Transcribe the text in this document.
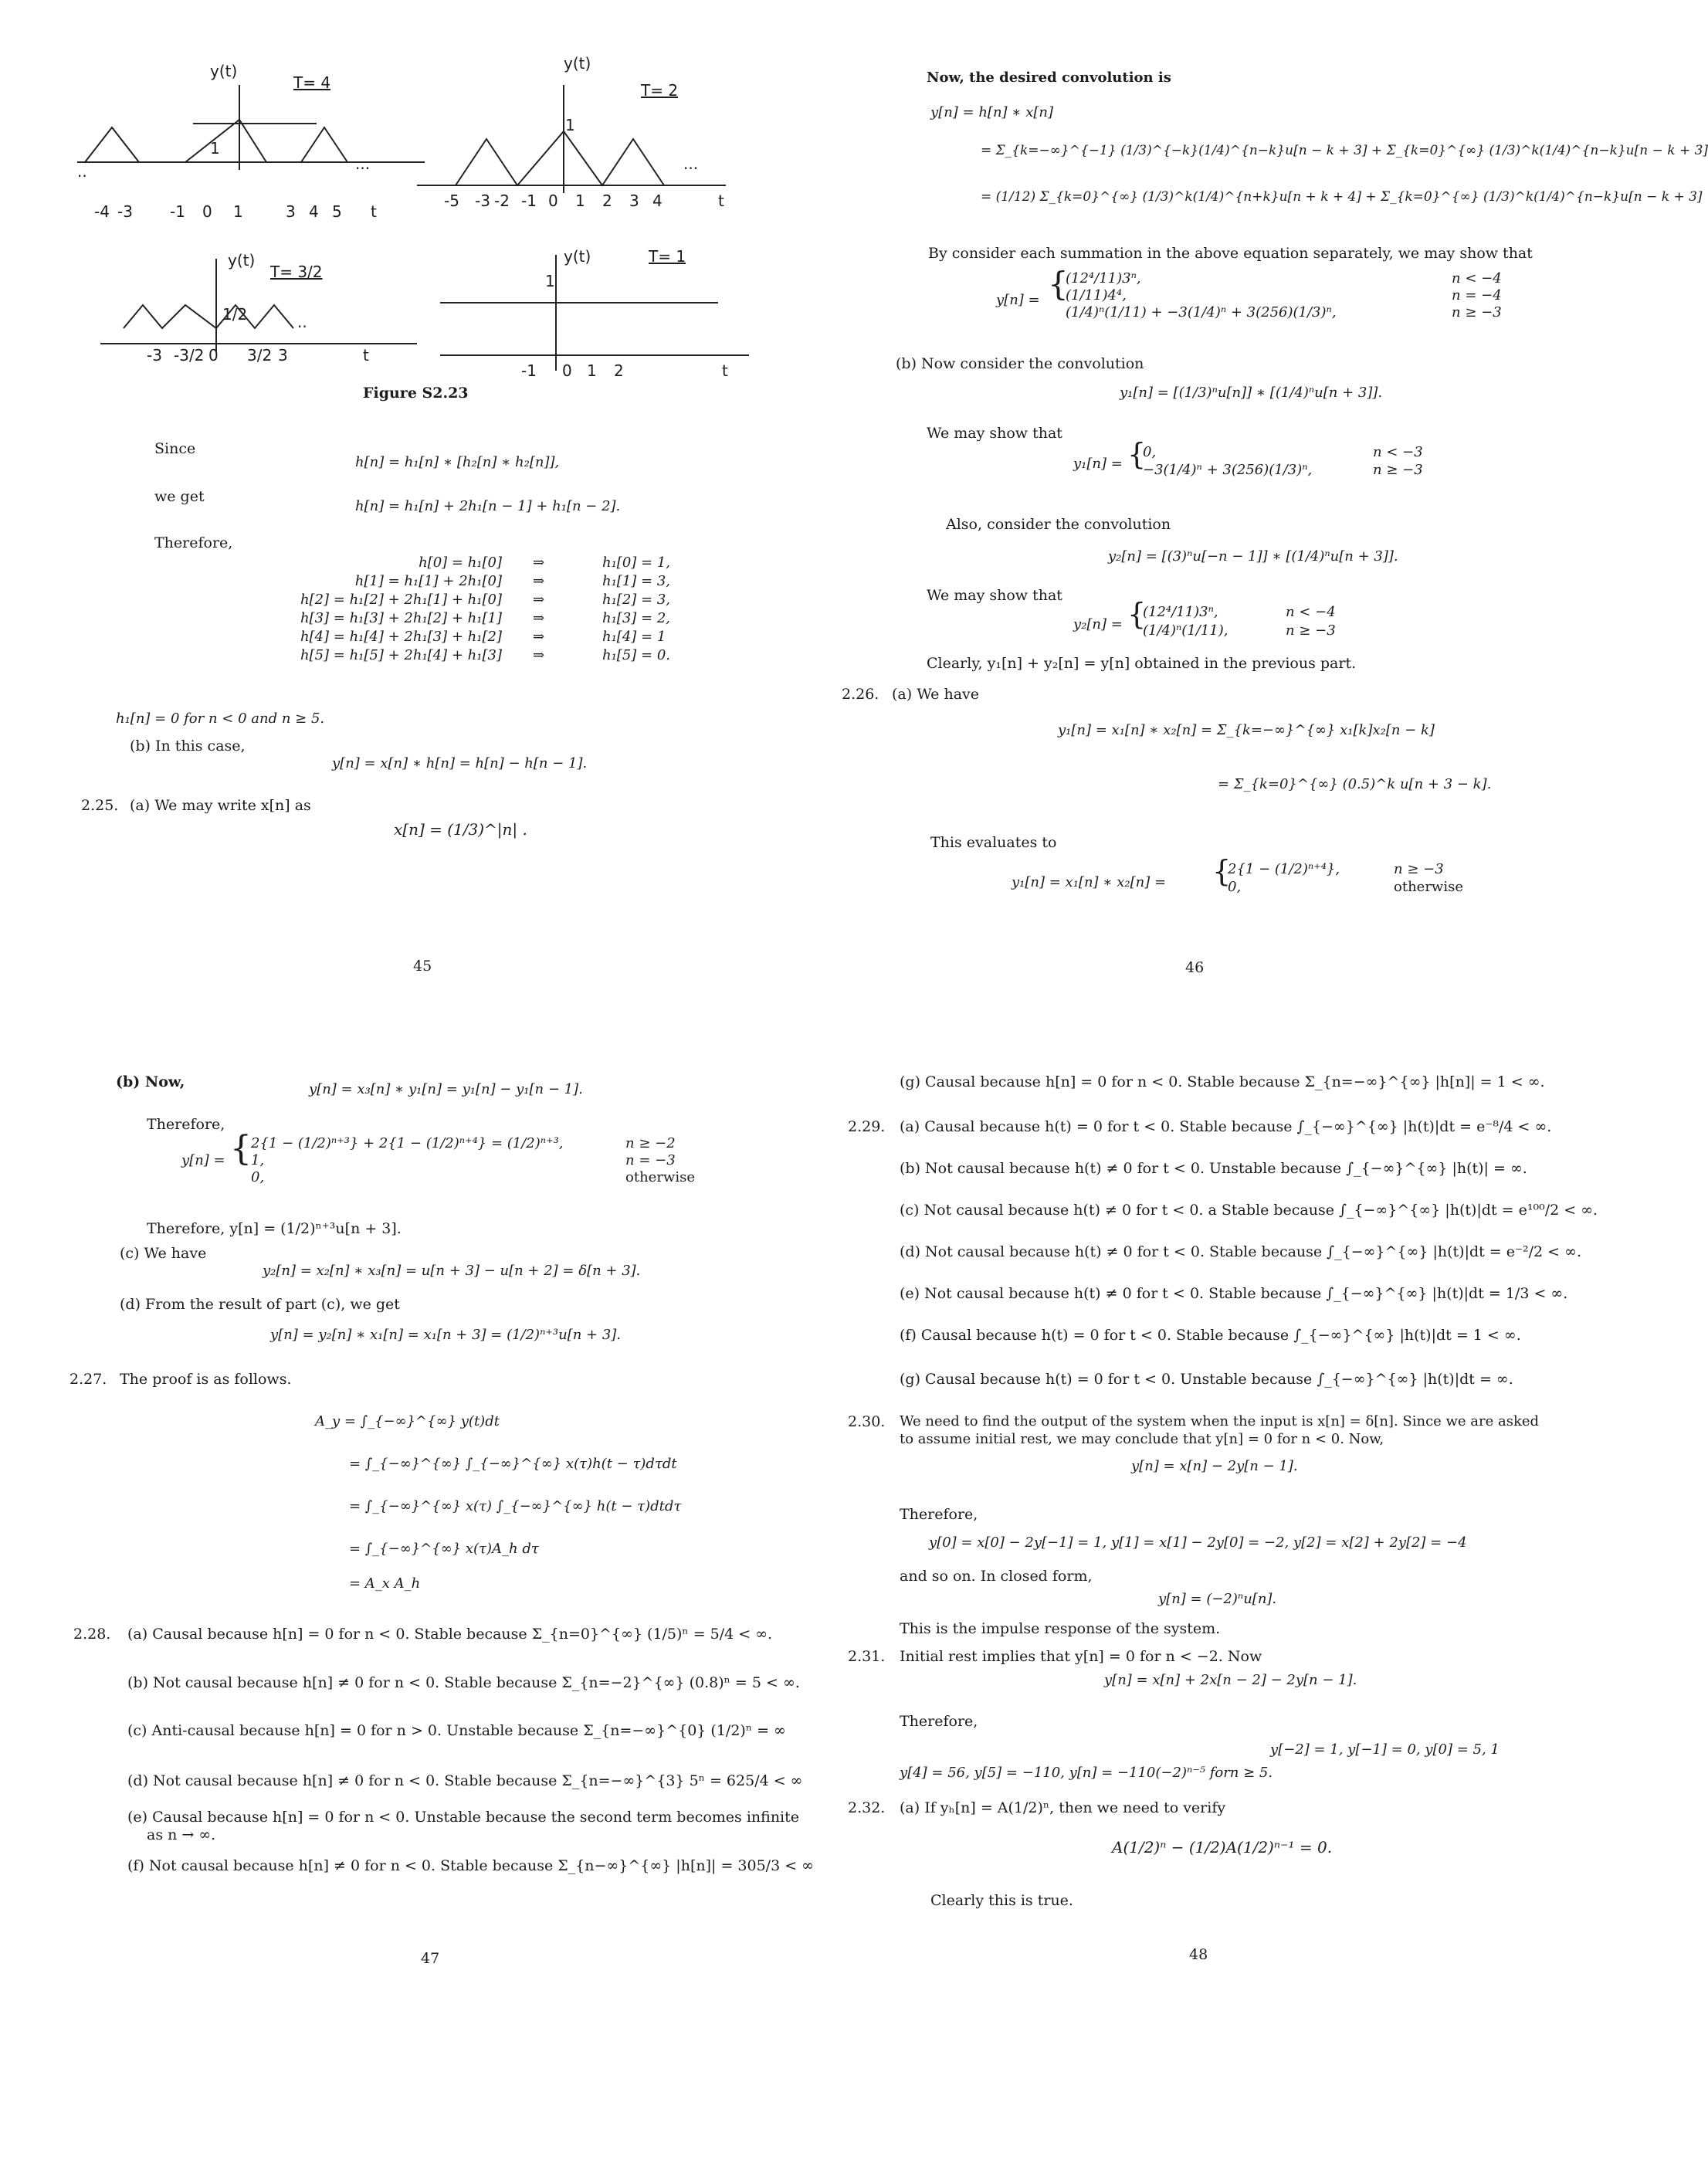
y(t)
T= 4
1
...
..
-4 -3 -1 0 1	3 4 5 t
y(t)
T= 2
1
...
-5 -3 -2 -1 0 1 2 3 4	t
y(t)
T= 3/2
1/2	..
-3 -3/2 0 3/2 3	t
y(t)	T= 1
1
-1 0 1 2	t
Figure S2.23
Since
h[n] = h₁[n] ∗ [h₂[n] ∗ h₂[n]],
we get
h[n] = h₁[n] + 2h₁[n − 1] + h₁[n − 2].
Therefore,
h[0] = h₁[0] ⇒	h₁[0] = 1,
h[1] = h₁[1] + 2h₁[0] ⇒	h₁[1] = 3,
h[2] = h₁[2] + 2h₁[1] + h₁[0] ⇒	h₁[2] = 3,
h[3] = h₁[3] + 2h₁[2] + h₁[1] ⇒	h₁[3] = 2,
h[4] = h₁[4] + 2h₁[3] + h₁[2] ⇒	h₁[4] = 1
h[5] = h₁[5] + 2h₁[4] + h₁[3] ⇒	h₁[5] = 0.
h₁[n] = 0 for n < 0 and n ≥ 5.
(b) In this case,
y[n] = x[n] ∗ h[n] = h[n] − h[n − 1].
2.25. (a) We may write x[n] as
x[n] = (1/3)^|n| .
45
Now, the desired convolution is
y[n] = h[n] ∗ x[n]
= Σ_{k=−∞}^{−1} (1/3)^{−k}(1/4)^{n−k}u[n − k + 3] + Σ_{k=0}^{∞} (1/3)^k(1/4)^{n−k}u[n − k + 3]
= (1/12) Σ_{k=0}^{∞} (1/3)^k(1/4)^{n+k}u[n + k + 4] + Σ_{k=0}^{∞} (1/3)^k(1/4)^{n−k}u[n − k + 3]
By consider each summation in the above equation separately, we may show that
y[n] = {
(12⁴/11)3ⁿ,	n < −4
(1/11)4⁴,	n = −4
(1/4)ⁿ(1/11) + −3(1/4)ⁿ + 3(256)(1/3)ⁿ,	n ≥ −3
(b) Now consider the convolution
y₁[n] = [(1/3)ⁿu[n]] ∗ [(1/4)ⁿu[n + 3]].
We may show that
y₁[n] = {
0,	n < −3
−3(1/4)ⁿ + 3(256)(1/3)ⁿ,	n ≥ −3
Also, consider the convolution
y₂[n] = [(3)ⁿu[−n − 1]] ∗ [(1/4)ⁿu[n + 3]].
We may show that
y₂[n] = {
(12⁴/11)3ⁿ,	n < −4
(1/4)ⁿ(1/11),	n ≥ −3
Clearly, y₁[n] + y₂[n] = y[n] obtained in the previous part.
2.26. (a) We have
y₁[n] = x₁[n] ∗ x₂[n] = Σ_{k=−∞}^{∞} x₁[k]x₂[n − k]
= Σ_{k=0}^{∞} (0.5)^k u[n + 3 − k].
This evaluates to
y₁[n] = x₁[n] ∗ x₂[n] = {
2{1 − (1/2)ⁿ⁺⁴},	n ≥ −3
0,	otherwise
46
(b) Now,	y[n] = x₃[n] ∗ y₁[n] = y₁[n] − y₁[n − 1].
Therefore,
y[n] = { 2{1 − (1/2)ⁿ⁺³} + 2{1 − (1/2)ⁿ⁺⁴} = (1/2)ⁿ⁺³,	n ≥ −2
1,	n = −3
0,	otherwise
Therefore, y[n] = (1/2)ⁿ⁺³u[n + 3].
(c) We have
y₂[n] = x₂[n] ∗ x₃[n] = u[n + 3] − u[n + 2] = δ[n + 3].
(d) From the result of part (c), we get
y[n] = y₂[n] ∗ x₁[n] = x₁[n + 3] = (1/2)ⁿ⁺³u[n + 3].
2.27. The proof is as follows.
A_y = ∫_{−∞}^{∞} y(t)dt
= ∫_{−∞}^{∞} ∫_{−∞}^{∞} x(τ)h(t − τ)dτdt
= ∫_{−∞}^{∞} x(τ) ∫_{−∞}^{∞} h(t − τ)dtdτ
= ∫_{−∞}^{∞} x(τ)A_h dτ
= A_x A_h
2.28. (a) Causal because h[n] = 0 for n < 0. Stable because Σ_{n=0}^{∞} (1/5)ⁿ = 5/4 < ∞.
(b) Not causal because h[n] ≠ 0 for n < 0. Stable because Σ_{n=−2}^{∞} (0.8)ⁿ = 5 < ∞.
(c) Anti-causal because h[n] = 0 for n > 0. Unstable because Σ_{n=−∞}^{0} (1/2)ⁿ = ∞
(d) Not causal because h[n] ≠ 0 for n < 0. Stable because Σ_{n=−∞}^{3} 5ⁿ = 625/4 < ∞
(e) Causal because h[n] = 0 for n < 0. Unstable because the second term becomes infinite
as n → ∞.
(f) Not causal because h[n] ≠ 0 for n < 0. Stable because Σ_{n−∞}^{∞} |h[n]| = 305/3 < ∞
47
(g) Causal because h[n] = 0 for n < 0. Stable because Σ_{n=−∞}^{∞} |h[n]| = 1 < ∞.
2.29. (a) Causal because h(t) = 0 for t < 0. Stable because ∫_{−∞}^{∞} |h(t)|dt = e⁻⁸/4 < ∞.
(b) Not causal because h(t) ≠ 0 for t < 0. Unstable because ∫_{−∞}^{∞} |h(t)| = ∞.
(c) Not causal because h(t) ≠ 0 for t < 0. a Stable because ∫_{−∞}^{∞} |h(t)|dt = e¹⁰⁰/2 < ∞.
(d) Not causal because h(t) ≠ 0 for t < 0. Stable because ∫_{−∞}^{∞} |h(t)|dt = e⁻²/2 < ∞.
(e) Not causal because h(t) ≠ 0 for t < 0. Stable because ∫_{−∞}^{∞} |h(t)|dt = 1/3 < ∞.
(f) Causal because h(t) = 0 for t < 0. Stable because ∫_{−∞}^{∞} |h(t)|dt = 1 < ∞.
(g) Causal because h(t) = 0 for t < 0. Unstable because ∫_{−∞}^{∞} |h(t)|dt = ∞.
2.30. We need to find the output of the system when the input is x[n] = δ[n]. Since we are asked
to assume initial rest, we may conclude that y[n] = 0 for n < 0. Now,
y[n] = x[n] − 2y[n − 1].
Therefore,
y[0] = x[0] − 2y[−1] = 1, y[1] = x[1] − 2y[0] = −2, y[2] = x[2] + 2y[2] = −4
and so on. In closed form,
y[n] = (−2)ⁿu[n].
This is the impulse response of the system.
2.31. Initial rest implies that y[n] = 0 for n < −2. Now
y[n] = x[n] + 2x[n − 2] − 2y[n − 1].
Therefore,
y[−2] = 1, y[−1] = 0, y[0] = 5, 1
y[4] = 56, y[5] = −110, y[n] = −110(−2)ⁿ⁻⁵ forn ≥ 5.
2.32. (a) If yₕ[n] = A(1/2)ⁿ, then we need to verify
A(1/2)ⁿ − (1/2)A(1/2)ⁿ⁻¹ = 0.
Clearly this is true.
48
